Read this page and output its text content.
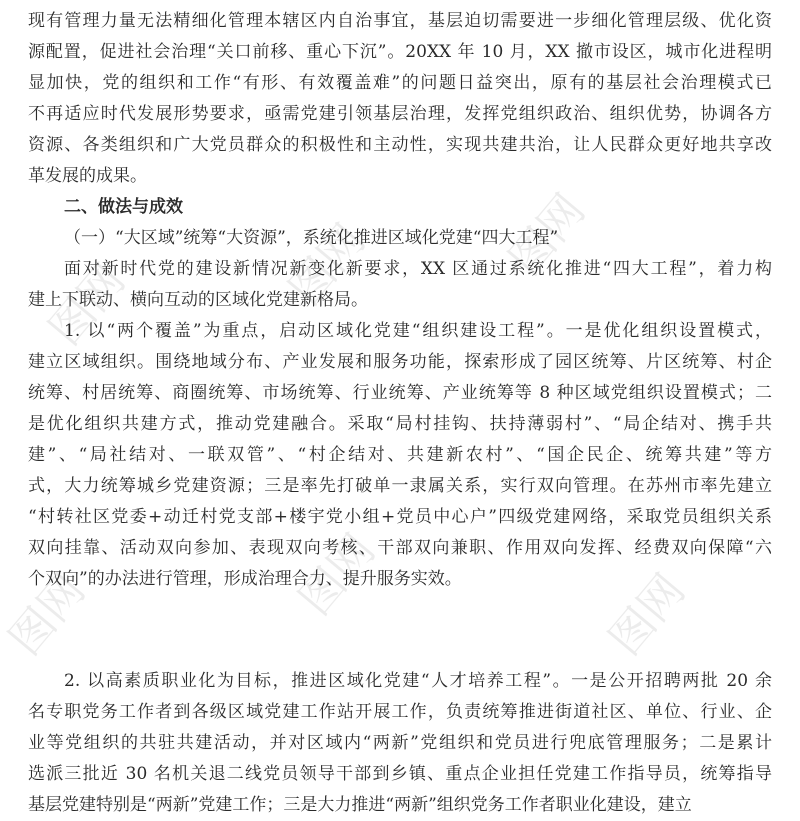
图网	图网	图网
图网	图网	图网
现有管理力量无法精细化管理本辖区内自治事宜，基层迫切需要进一步细化管理层级、优化资
源配置，促进社会治理“关口前移、重心下沉”。20XX 年 10 月，XX 撤市设区，城市化进程明
显加快，党的组织和工作“有形、有效覆盖难”的问题日益突出，原有的基层社会治理模式已
不再适应时代发展形势要求，亟需党建引领基层治理，发挥党组织政治、组织优势，协调各方
资源、各类组织和广大党员群众的积极性和主动性，实现共建共治，让人民群众更好地共享改
革发展的成果。
二、做法与成效
（一）“大区域”统筹“大资源”，系统化推进区域化党建“四大工程”
面对新时代党的建设新情况新变化新要求，XX 区通过系统化推进“四大工程”，着力构
建上下联动、横向互动的区域化党建新格局。
1. 以“两个覆盖”为重点，启动区域化党建“组织建设工程”。一是优化组织设置模式，
建立区域组织。围绕地域分布、产业发展和服务功能，探索形成了园区统筹、片区统筹、村企
统筹、村居统筹、商圈统筹、市场统筹、行业统筹、产业统筹等 8 种区域党组织设置模式；二
是优化组织共建方式，推动党建融合。采取“局村挂钩、扶持薄弱村”、“局企结对、携手共
建”、“局社结对、一联双管”、“村企结对、共建新农村”、“国企民企、统筹共建”等方
式，大力统筹城乡党建资源；三是率先打破单一隶属关系，实行双向管理。在苏州市率先建立
“村转社区党委+动迁村党支部+楼宇党小组+党员中心户”四级党建网络，采取党员组织关系
双向挂靠、活动双向参加、表现双向考核、干部双向兼职、作用双向发挥、经费双向保障“六
个双向”的办法进行管理，形成治理合力、提升服务实效。
2. 以高素质职业化为目标，推进区域化党建“人才培养工程”。一是公开招聘两批 20 余
名专职党务工作者到各级区域党建工作站开展工作，负责统筹推进街道社区、单位、行业、企
业等党组织的共驻共建活动，并对区域内“两新”党组织和党员进行兜底管理服务；二是累计
选派三批近 30 名机关退二线党员领导干部到乡镇、重点企业担任党建工作指导员，统筹指导
基层党建特别是“两新”党建工作；三是大力推进“两新”组织党务工作者职业化建设，建立
